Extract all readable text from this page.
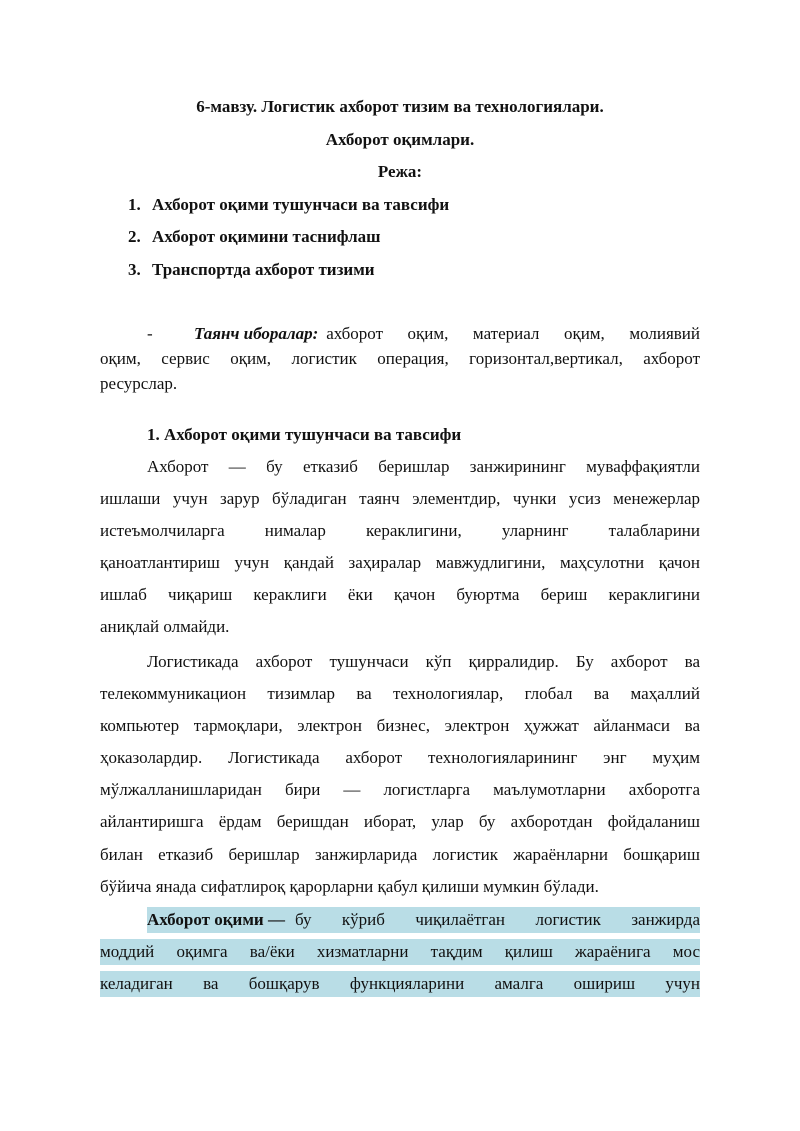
6-мавзу. Логистик ахборот тизим ва технологиялари.
Ахборот оқимлари.
Режа:
1. Ахборот оқими тушунчаси ва тавсифи
2. Ахборот оқимини таснифлаш
3. Транспортда ахборот тизими
- Таянч иборалар: ахборот оқим, материал оқим, молиявий
оқим, сервис оқим, логистик операция, горизонтал,вертикал, ахборот
ресурслар.
1. Ахборот оқими тушунчаси ва тавсифи
Ахборот — бу етказиб беришлар занжирининг муваффақиятли
ишлаши учун зарур бўладиган таянч элементдир, чунки усиз менежерлар
истеъмолчиларга нималар кераклигини, уларнинг талабларини
қаноатлантириш учун қандай заҳиралар мавжудлигини, маҳсулотни қачон
ишлаб чиқариш кераклиги ёки қачон буюртма бериш кераклигини
аниқлай олмайди.
Логистикада ахборот тушунчаси кўп қирралидир. Бу ахборот ва
телекоммуникацион тизимлар ва технологиялар, глобал ва маҳаллий
компьютер тармоқлари, электрон бизнес, электрон ҳужжат айланмаси ва
ҳоказолардир. Логистикада ахборот технологияларининг энг муҳим
мўлжалланишларидан бири — логистларга маълумотларни ахборотга
айлантиришга ёрдам беришдан иборат, улар бу ахборотдан фойдаланиш
билан етказиб беришлар занжирларида логистик жараёнларни бошқариш
бўйича янада сифатлироқ қарорларни қабул қилиши мумкин бўлади.
Ахборот оқими — бу кўриб чиқилаётган логистик занжирда
моддий оқимга ва/ёки хизматларни тақдим қилиш жараёнига мос
келадиган ва бошқарув функцияларини амалга ошириш учун
